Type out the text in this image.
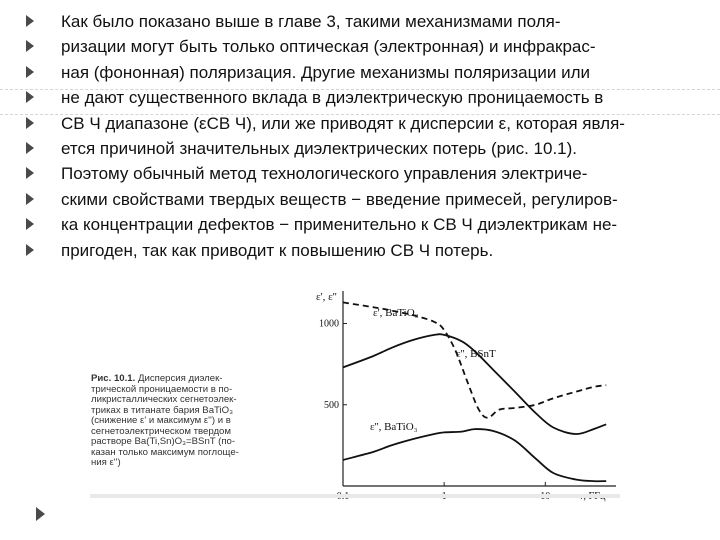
Как было показано выше в главе 3, такими механизмами поля-
ризации могут быть только оптическая (электронная) и инфракрас-
ная (фононная) поляризация. Другие механизмы поляризации или
не дают существенного вклада в диэлектрическую проницаемость в
СВ Ч диапазоне (εСВ Ч), или же приводят к дисперсии ε, которая явля-
ется причиной значительных диэлектрических потерь (рис. 10.1).
Поэтому обычный метод технологического управления электриче-
скими свойствами твердых веществ − введение примесей, регулиров-
ка концентрации дефектов − применительно к СВ Ч диэлектрикам не-
пригоден, так как приводит к повышению СВ Ч потерь.
Рис. 10.1. Дисперсия диэлек-
трической проницаемости в по-
ликристаллических сегнетоэлек-
триках в титанате бария BaTiO₃
(снижение ε' и максимум ε'') и в
сегнетоэлектрическом твердом
растворе Ba(Ti,Sn)O₃=BSnT (по-
казан только максимум поглоще-
ния ε'')
1000
500
ε', ε''
ε', BaTiO₃
ε'', BSnT
ε'', BaTiO₃
